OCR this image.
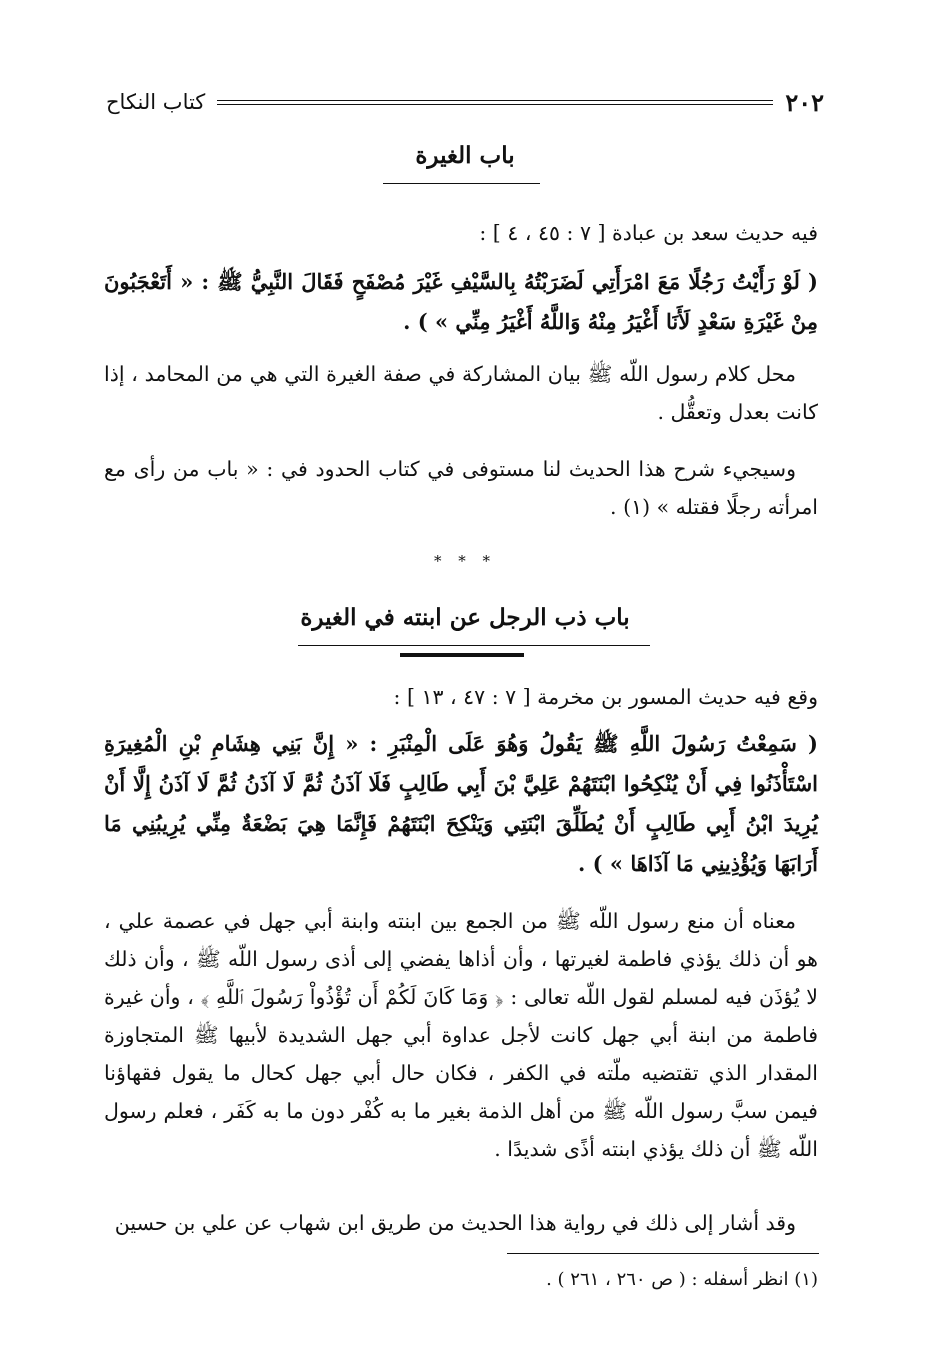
كتاب النكاح	٢٠٢
باب الغيرة
فيه حديث سعد بن عبادة [ ٧ : ٤٥ ، ٤ ] :
( لَوْ رَأَيْتُ رَجُلًا مَعَ امْرَأَتِي لَضَرَبْتُهُ بِالسَّيْفِ غَيْرَ مُصْفَحٍ فَقَالَ النَّبِيُّ ﷺ : « أَتَعْجَبُونَ مِنْ غَيْرَةِ سَعْدٍ لَأَنَا أَغْيَرُ مِنْهُ وَاللَّهُ أَغْيَرُ مِنِّي » ) .
محل كلام رسول اللّه ﷺ بيان المشاركة في صفة الغيرة التي هي من المحامد ، إذا كانت بعدل وتعقُّل .
وسيجيء شرح هذا الحديث لنا مستوفى في كتاب الحدود في : « باب من رأى مع امرأته رجلًا فقتله » (١) .
* * *
باب ذب الرجل عن ابنته في الغيرة
وقع فيه حديث المسور بن مخرمة [ ٧ : ٤٧ ، ١٣ ] :
( سَمِعْتُ رَسُولَ اللَّهِ ﷺ يَقُولُ وَهُوَ عَلَى الْمِنْبَرِ : « إِنَّ بَنِي هِشَامِ بْنِ الْمُغِيرَةِ اسْتَأْذَنُوا فِي أَنْ يُنْكِحُوا ابْنَتَهُمْ عَلِيَّ بْنَ أَبِي طَالِبٍ فَلَا آذَنُ ثُمَّ لَا آذَنُ ثُمَّ لَا آذَنُ إِلَّا أَنْ يُرِيدَ ابْنُ أَبِي طَالِبٍ أَنْ يُطَلِّقَ ابْنَتِي وَيَنْكِحَ ابْنَتَهُمْ فَإِنَّمَا هِيَ بَضْعَةٌ مِنِّي يُرِيبُنِي مَا أَرَابَهَا وَيُؤْذِينِي مَا آذَاهَا » ) .
معناه أن منع رسول اللّه ﷺ من الجمع بين ابنته وابنة أبي جهل في عصمة علي ، هو أن ذلك يؤذي فاطمة لغيرتها ، وأن أذاها يفضي إلى أذى رسول اللّه ﷺ ، وأن ذلك لا يُؤذَن فيه لمسلم لقول اللّه تعالى : ﴿ وَمَا كَانَ لَكُمْ أَن تُؤْذُواْ رَسُولَ ٱللَّهِ ﴾ ، وأن غيرة فاطمة من ابنة أبي جهل كانت لأجل عداوة أبي جهل الشديدة لأبيها ﷺ المتجاوزة المقدار الذي تقتضيه ملّته في الكفر ، فكان حال أبي جهل كحال ما يقول فقهاؤنا فيمن سبَّ رسول اللّه ﷺ من أهل الذمة بغير ما به كُفْر دون ما به كَفَر ، فعلم رسول اللّه ﷺ أن ذلك يؤذي ابنته أذًى شديدًا .
وقد أشار إلى ذلك في رواية هذا الحديث من طريق ابن شهاب عن علي بن حسين
(١) انظر أسفله : ( ص ٢٦٠ ، ٢٦١ ) .
